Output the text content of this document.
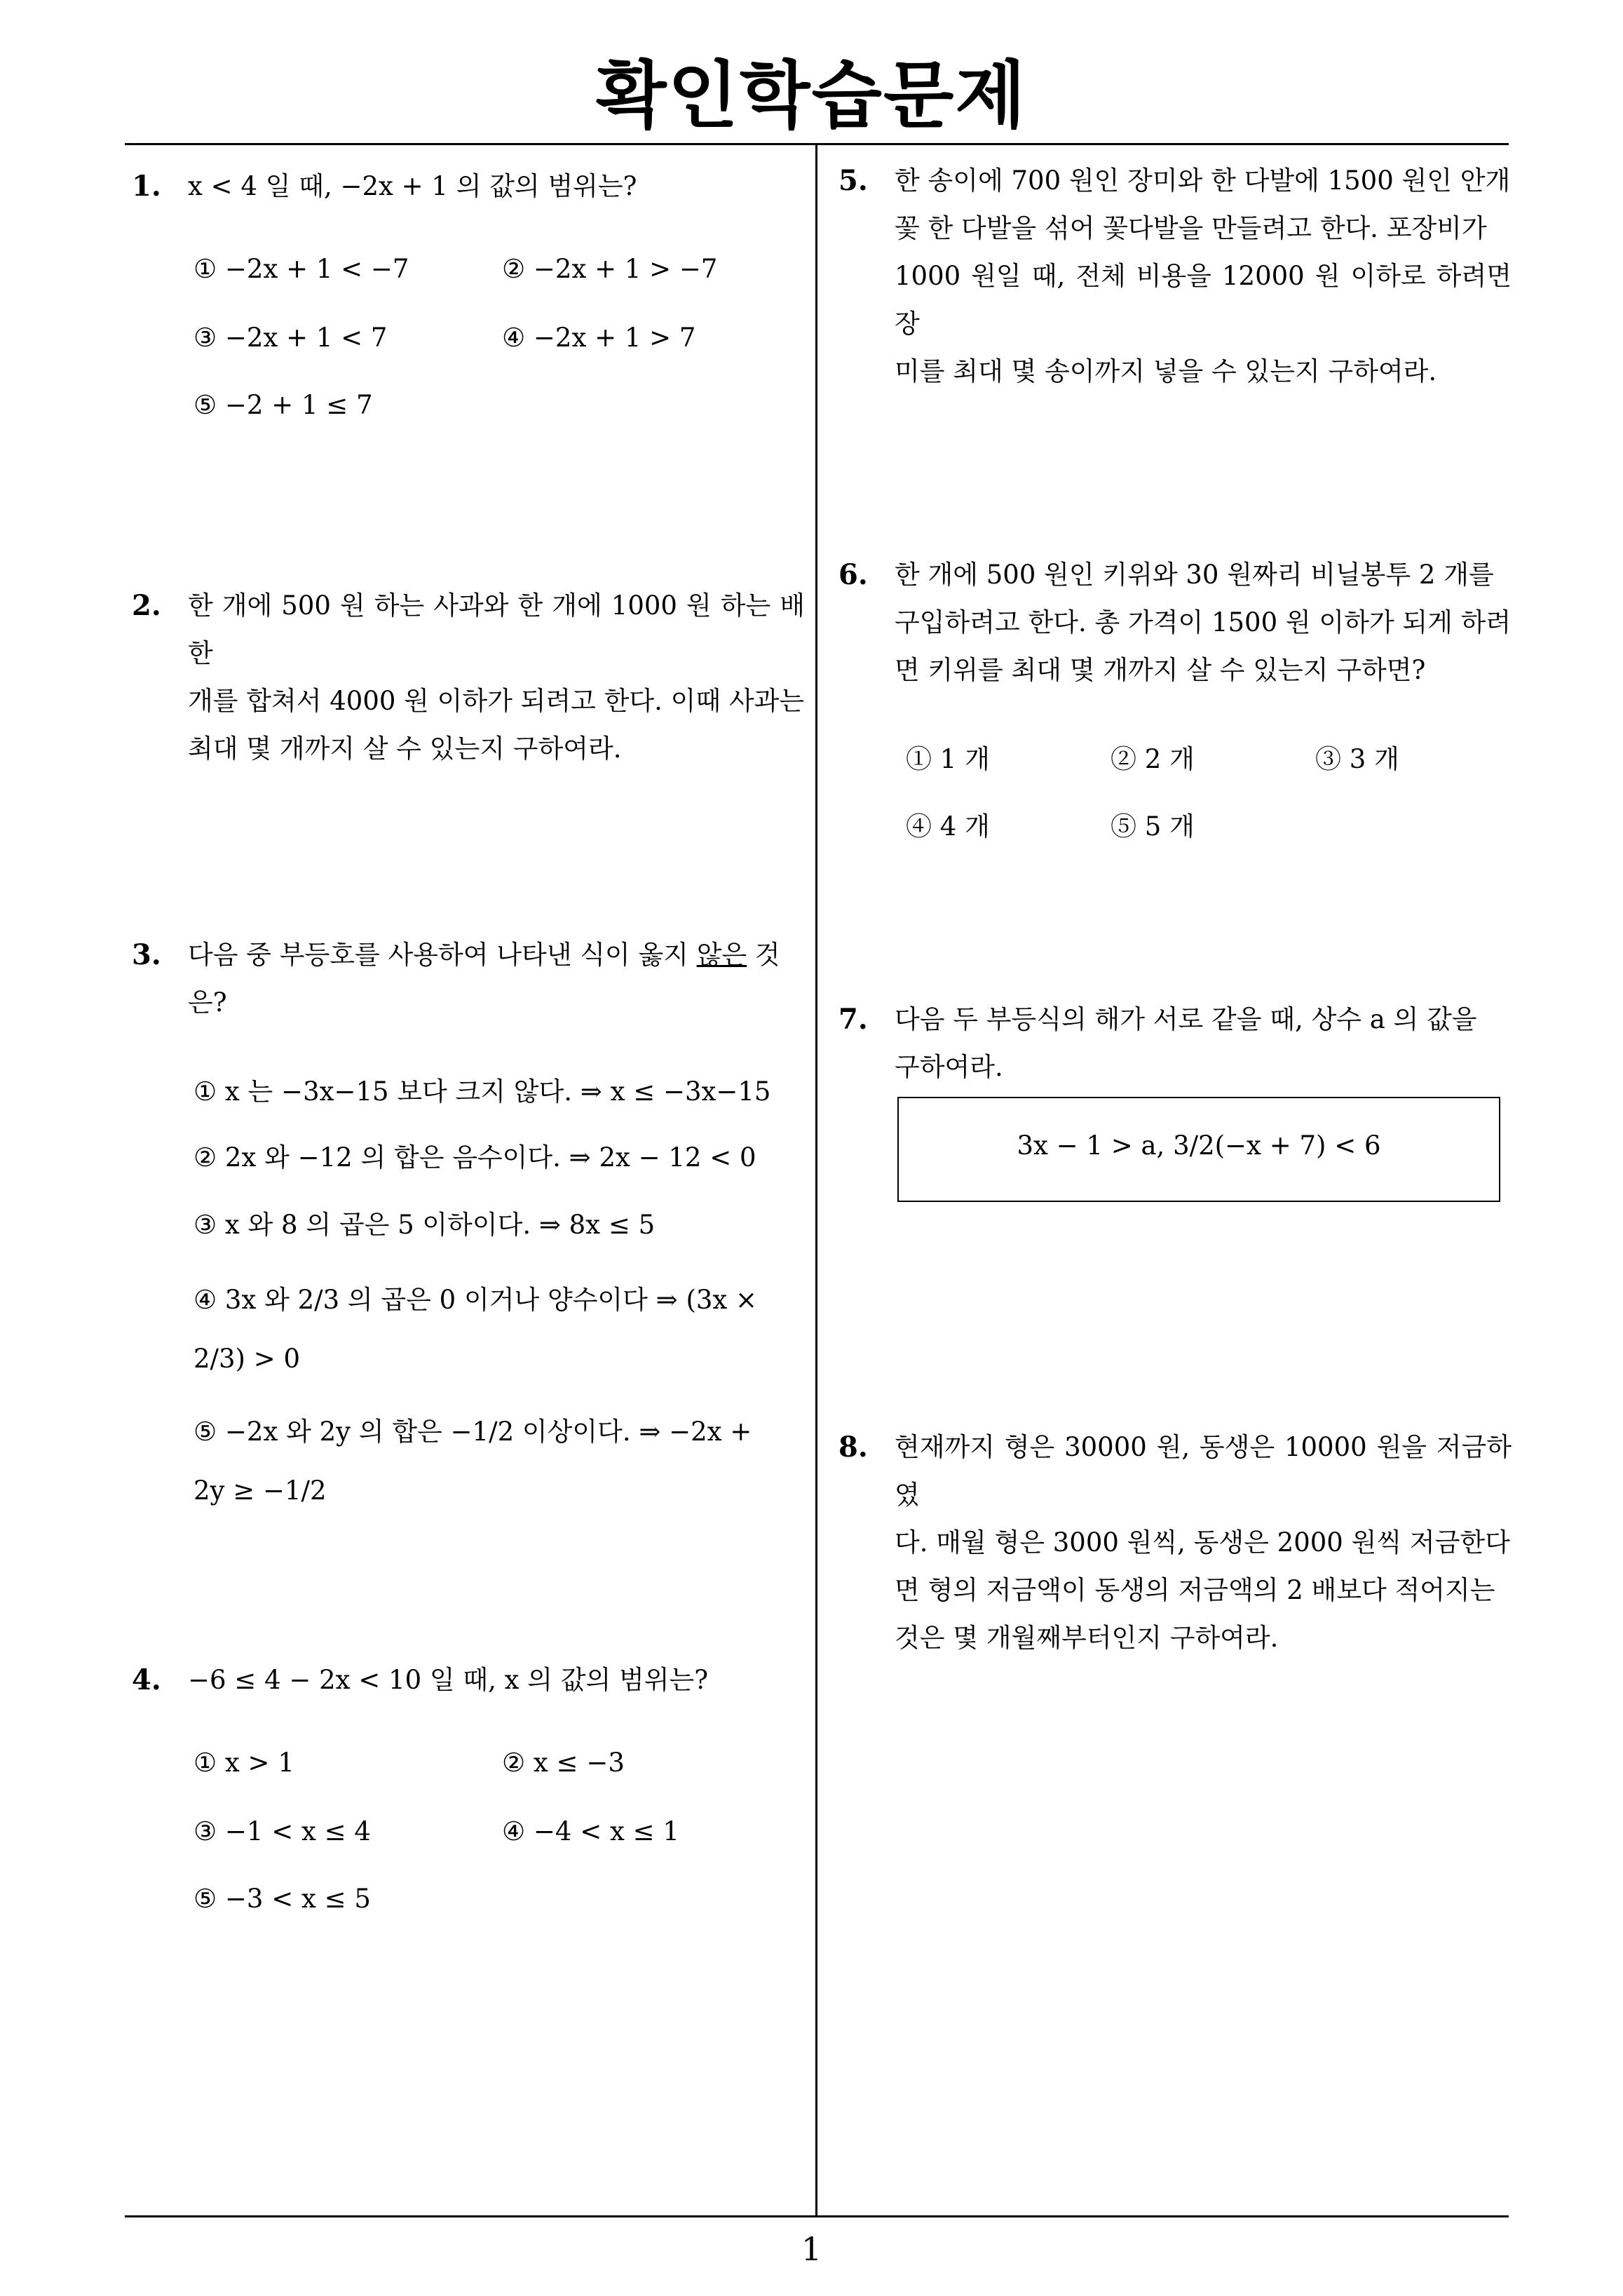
확인학습문제
1
1. x < 4 일 때, −2x + 1 의 값의 범위는?
① −2x + 1 < −7	② −2x + 1 > −7
③ −2x + 1 < 7	④ −2x + 1 > 7
⑤ −2 + 1 ≤ 7
2. 한 개에 500 원 하는 사과와 한 개에 1000 원 하는 배 한
개를 합쳐서 4000 원 이하가 되려고 한다. 이때 사과는
최대 몇 개까지 살 수 있는지 구하여라.
3. 다음 중 부등호를 사용하여 나타낸 식이 옳지 않은 것
은?
① x 는 −3x−15 보다 크지 않다. ⇒ x ≤ −3x−15
② 2x 와 −12 의 합은 음수이다. ⇒ 2x − 12 < 0
③ x 와 8 의 곱은 5 이하이다. ⇒ 8x ≤ 5
④ 3x 와 2/3 의 곱은 0 이거나 양수이다 ⇒ (3x × 2/3) > 0
⑤ −2x 와 2y 의 합은 −1/2 이상이다. ⇒ −2x + 2y ≥ −1/2
4. −6 ≤ 4 − 2x < 10 일 때, x 의 값의 범위는?
① x > 1	② x ≤ −3
③ −1 < x ≤ 4	④ −4 < x ≤ 1
⑤ −3 < x ≤ 5
5. 한 송이에 700 원인 장미와 한 다발에 1500 원인 안개
꽃 한 다발을 섞어 꽃다발을 만들려고 한다. 포장비가
1000 원일 때, 전체 비용을 12000 원 이하로 하려면 장
미를 최대 몇 송이까지 넣을 수 있는지 구하여라.
6. 한 개에 500 원인 키위와 30 원짜리 비닐봉투 2 개를
구입하려고 한다. 총 가격이 1500 원 이하가 되게 하려
면 키위를 최대 몇 개까지 살 수 있는지 구하면?
① 1 개	② 2 개	③ 3 개
④ 4 개	⑤ 5 개
7. 다음 두 부등식의 해가 서로 같을 때, 상수 a 의 값을
구하여라.
3x − 1 > a, 3/2(−x + 7) < 6
8. 현재까지 형은 30000 원, 동생은 10000 원을 저금하였
다. 매월 형은 3000 원씩, 동생은 2000 원씩 저금한다
면 형의 저금액이 동생의 저금액의 2 배보다 적어지는
것은 몇 개월째부터인지 구하여라.
